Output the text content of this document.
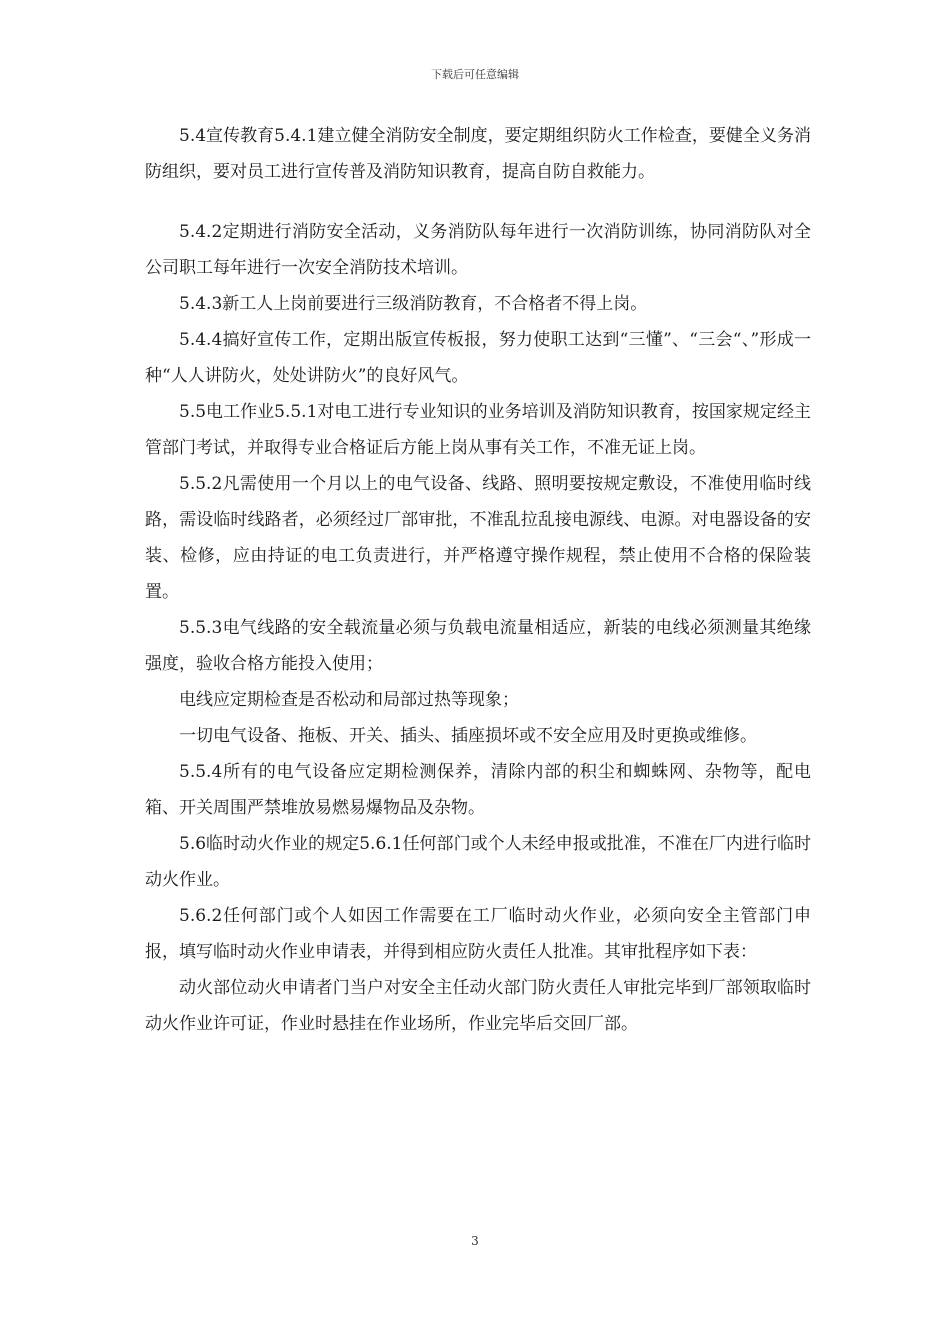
下载后可任意编辑

5.4宣传教育5.4.1建立健全消防安全制度，要定期组织防火工作检查，要健全义务消防组织，要对员工进行宣传普及消防知识教育，提高自防自救能力。

5.4.2定期进行消防安全活动，义务消防队每年进行一次消防训练，协同消防队对全公司职工每年进行一次安全消防技术培训。

5.4.3新工人上岗前要进行三级消防教育，不合格者不得上岗。

5.4.4搞好宣传工作，定期出版宣传板报，努力使职工达到“三懂”、“三会“、”形成一种“人人讲防火，处处讲防火”的良好风气。

5.5电工作业5.5.1对电工进行专业知识的业务培训及消防知识教育，按国家规定经主管部门考试，并取得专业合格证后方能上岗从事有关工作，不准无证上岗。

5.5.2凡需使用一个月以上的电气设备、线路、照明要按规定敷设，不准使用临时线路，需设临时线路者，必须经过厂部审批，不准乱拉乱接电源线、电源。对电器设备的安装、检修，应由持证的电工负责进行，并严格遵守操作规程，禁止使用不合格的保险装置。

5.5.3电气线路的安全载流量必须与负载电流量相适应，新装的电线必须测量其绝缘强度，验收合格方能投入使用；

电线应定期检查是否松动和局部过热等现象；

一切电气设备、拖板、开关、插头、插座损坏或不安全应用及时更换或维修。

5.5.4所有的电气设备应定期检测保养，清除内部的积尘和蜘蛛网、杂物等，配电箱、开关周围严禁堆放易燃易爆物品及杂物。

5.6临时动火作业的规定5.6.1任何部门或个人未经申报或批准，不准在厂内进行临时动火作业。

5.6.2任何部门或个人如因工作需要在工厂临时动火作业，必须向安全主管部门申报，填写临时动火作业申请表，并得到相应防火责任人批准。其审批程序如下表：

动火部位动火申请者门当户对安全主任动火部门防火责任人审批完毕到厂部领取临时动火作业许可证，作业时悬挂在作业场所，作业完毕后交回厂部。

3
